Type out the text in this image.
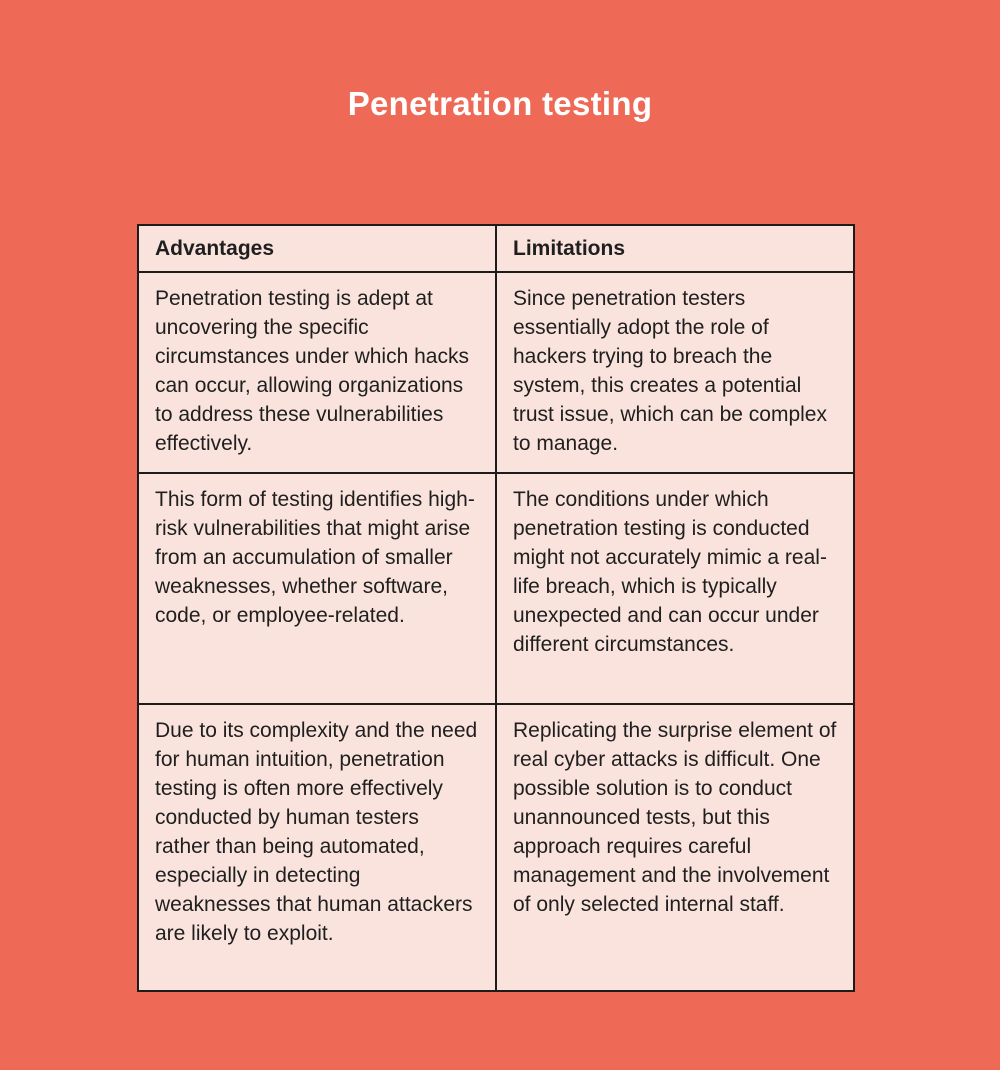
Penetration testing
Advantages	Limitations
Penetration testing is adept at uncovering the specific circumstances under which hacks can occur, allowing organizations to address these vulnerabilities effectively.	Since penetration testers essentially adopt the role of hackers trying to breach the system, this creates a potential trust issue, which can be complex to manage.
This form of testing identifies high-risk vulnerabilities that might arise from an accumulation of smaller weaknesses, whether software, code, or employee-related.	The conditions under which penetration testing is conducted might not accurately mimic a real-life breach, which is typically unexpected and can occur under different circumstances.
Due to its complexity and the need for human intuition, penetration testing is often more effectively conducted by human testers rather than being automated, especially in detecting weaknesses that human attackers are likely to exploit.	Replicating the surprise element of real cyber attacks is difficult. One possible solution is to conduct unannounced tests, but this approach requires careful management and the involvement of only selected internal staff.
